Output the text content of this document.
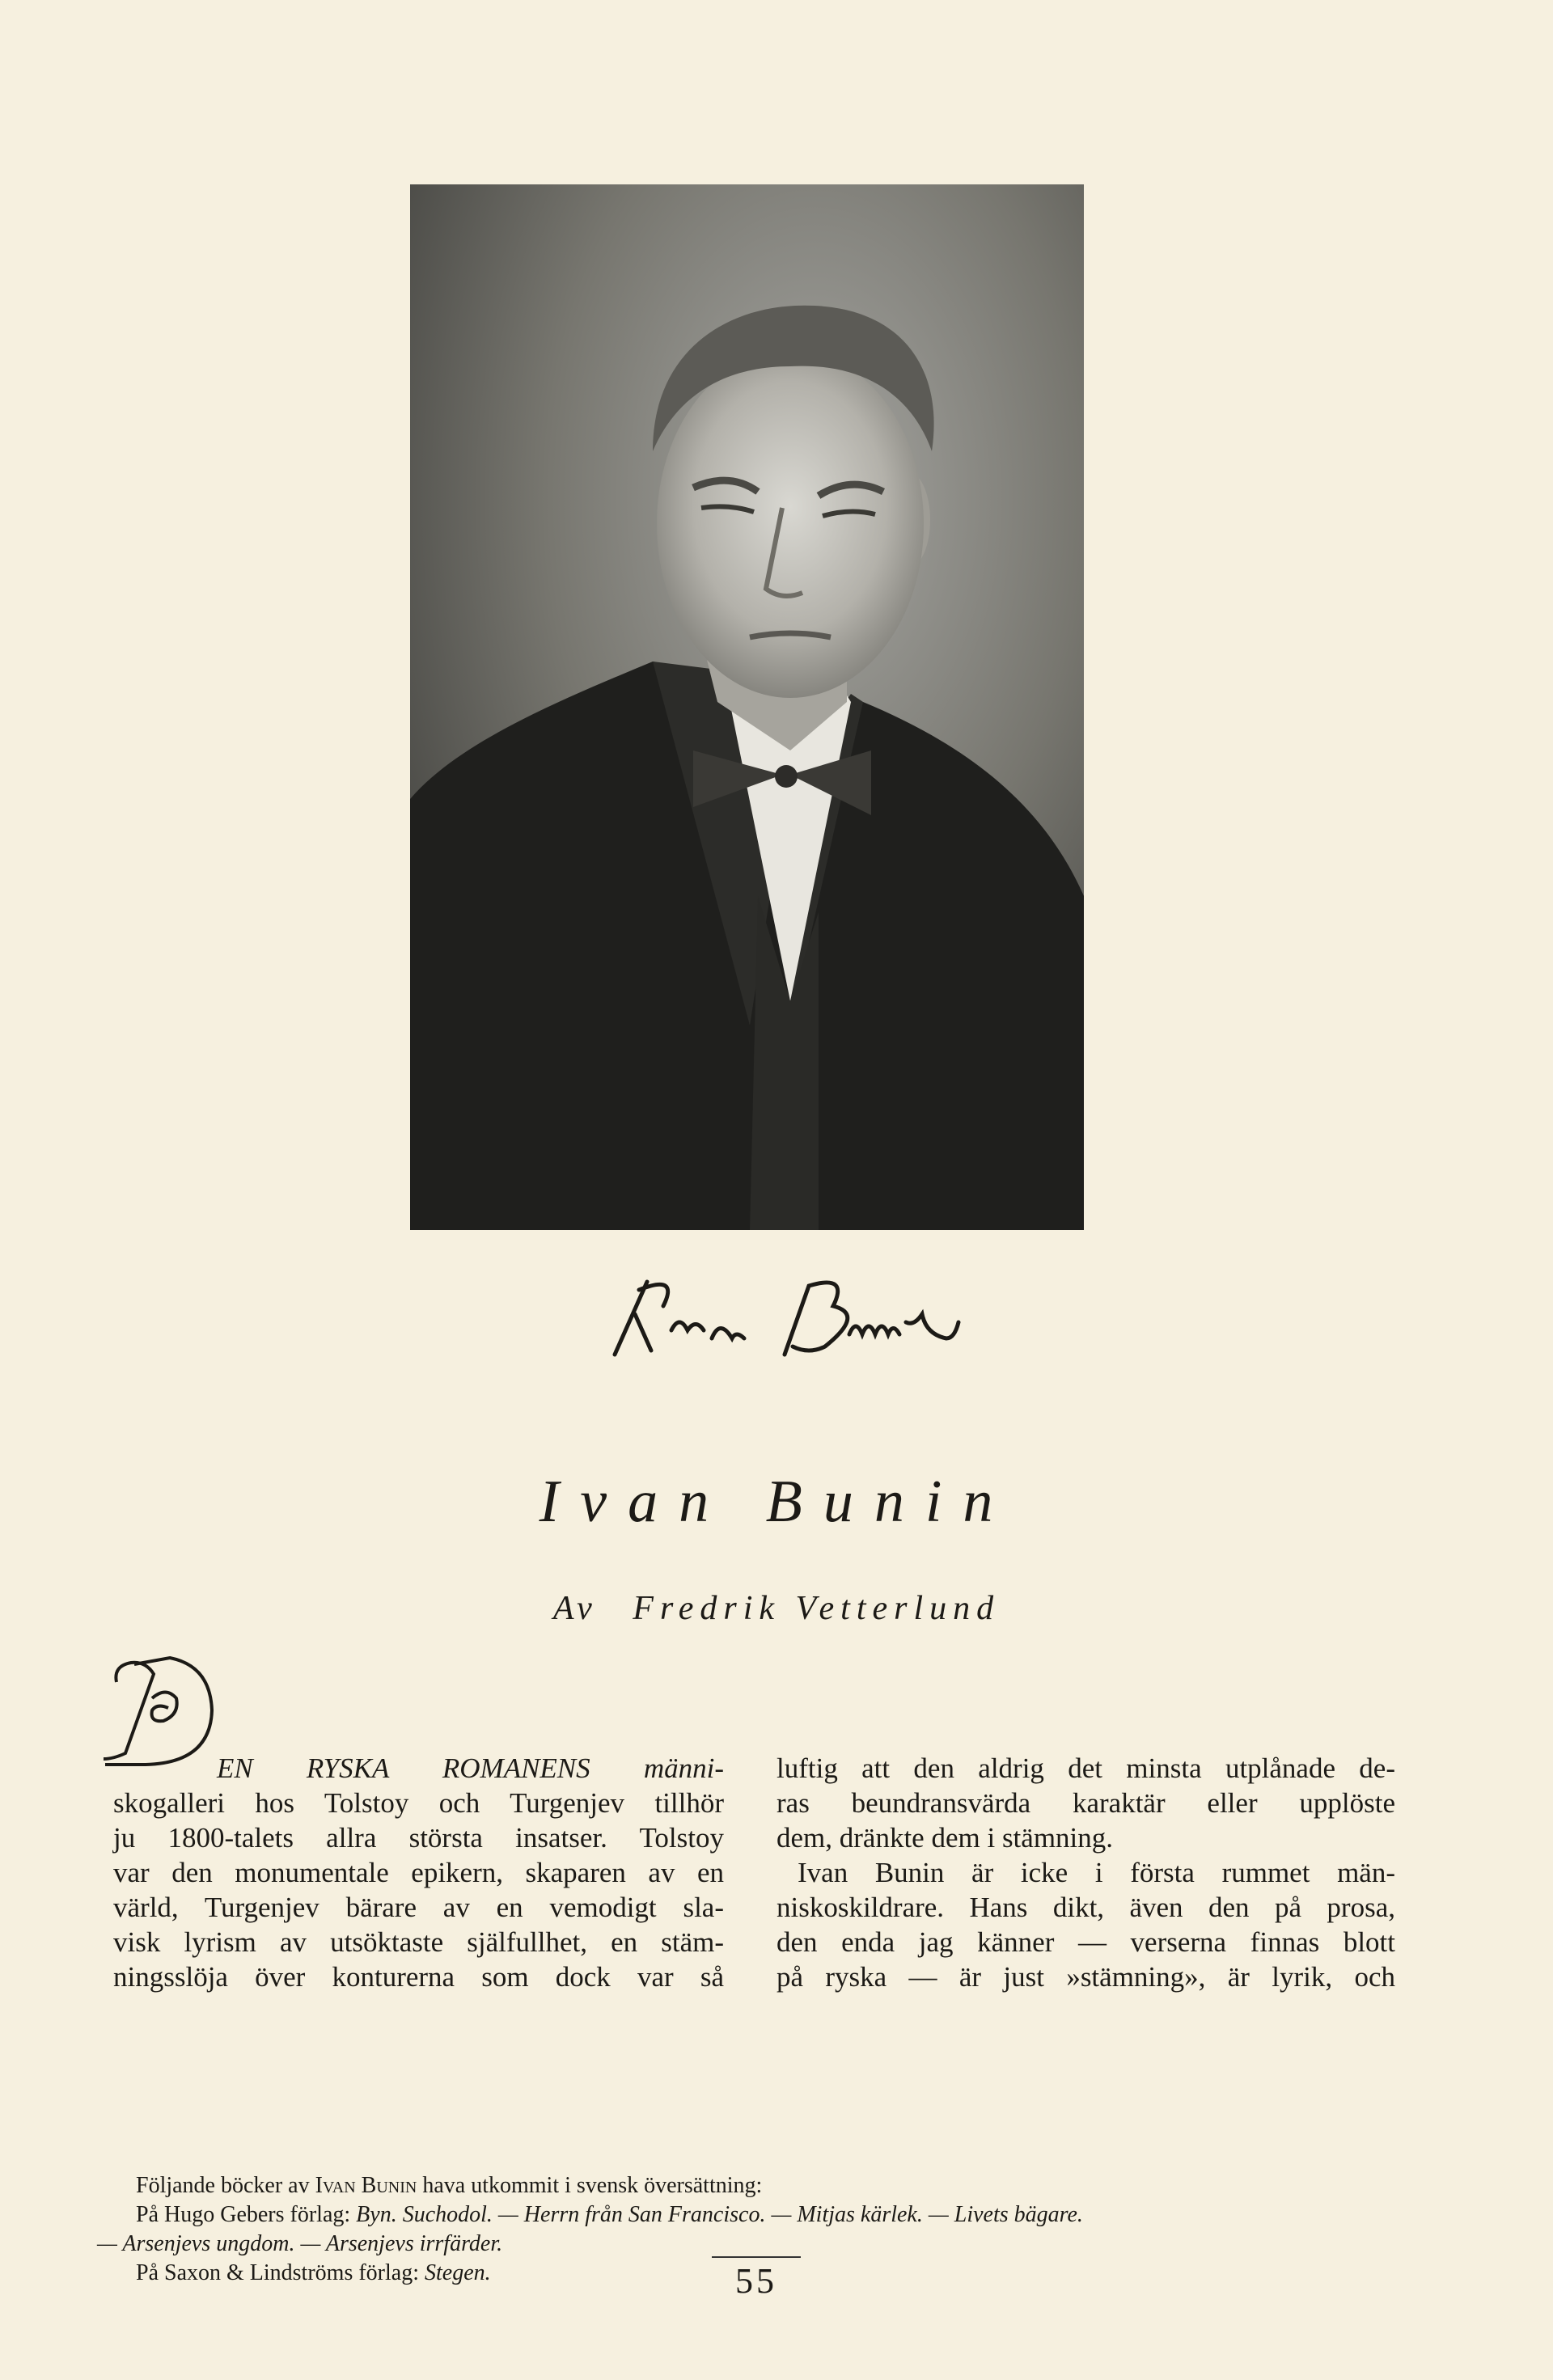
Ivan Bunin
Av Fredrik Vetterlund
D

EN RYSKA ROMANENS männi-
skogalleri hos Tolstoy och Turgenjev tillhör
ju 1800-talets allra största insatser. Tolstoy
var den monumentale epikern, skaparen av en
värld, Turgenjev bärare av en vemodigt sla-
visk lyrism av utsöktaste själfullhet, en stäm-
ningsslöja över konturerna som dock var så

luftig att den aldrig det minsta utplånade de-
ras beundransvärda karaktär eller upplöste
dem, dränkte dem i stämning.

Ivan Bunin är icke i första rummet män-
niskoskildrare. Hans dikt, även den på prosa,
den enda jag känner — verserna finnas blott
på ryska — är just »stämning», är lyrik, och

Följande böcker av Ivan Bunin hava utkommit i svensk översättning:
På Hugo Gebers förlag: Byn. Suchodol. — Herrn från San Francisco. — Mitjas kärlek. — Livets bägare.
— Arsenjevs ungdom. — Arsenjevs irrfärder.
På Saxon & Lindströms förlag: Stegen.	55
